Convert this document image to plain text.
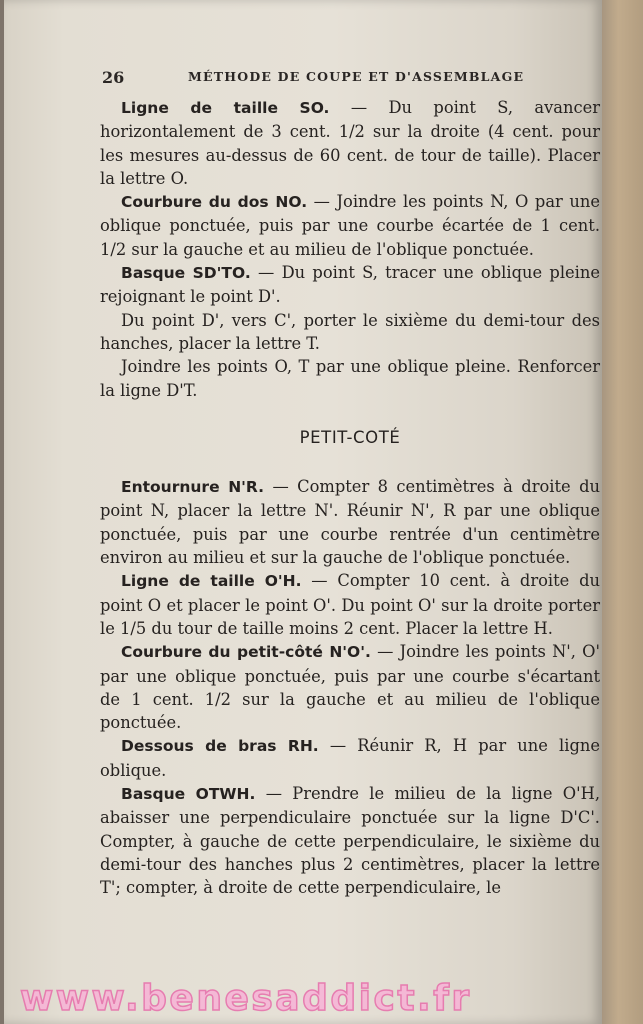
26	MÉTHODE DE COUPE ET D'ASSEMBLAGE

Ligne de taille SO. — Du point S, avancer horizontalement de 3 cent. 1/2 sur la droite (4 cent. pour les mesures au-dessus de 60 cent. de tour de taille). Placer la lettre O.

Courbure du dos NO. — Joindre les points N, O par une oblique ponctuée, puis par une courbe écartée de 1 cent. 1/2 sur la gauche et au milieu de l'oblique ponctuée.

Basque SD'TO. — Du point S, tracer une oblique pleine rejoignant le point D'.

Du point D', vers C', porter le sixième du demi-tour des hanches, placer la lettre T.

Joindre les points O, T par une oblique pleine. Renforcer la ligne D'T.

PETIT-COTÉ

Entournure N'R. — Compter 8 centimètres à droite du point N, placer la lettre N'. Réunir N', R par une oblique ponctuée, puis par une courbe rentrée d'un centimètre environ au milieu et sur la gauche de l'oblique ponctuée.

Ligne de taille O'H. — Compter 10 cent. à droite du point O et placer le point O'. Du point O' sur la droite porter le 1/5 du tour de taille moins 2 cent. Placer la lettre H.

Courbure du petit-côté N'O'. — Joindre les points N', O' par une oblique ponctuée, puis par une courbe s'écartant de 1 cent. 1/2 sur la gauche et au milieu de l'oblique ponctuée.

Dessous de bras RH. — Réunir R, H par une ligne oblique.

Basque OTWH. — Prendre le milieu de la ligne O'H, abaisser une perpendiculaire ponctuée sur la ligne D'C'. Compter, à gauche de cette perpendiculaire, le sixième du demi-tour des hanches plus 2 centimètres, placer la lettre T'; compter, à droite de cette perpendiculaire, le

www.benesaddict.fr
